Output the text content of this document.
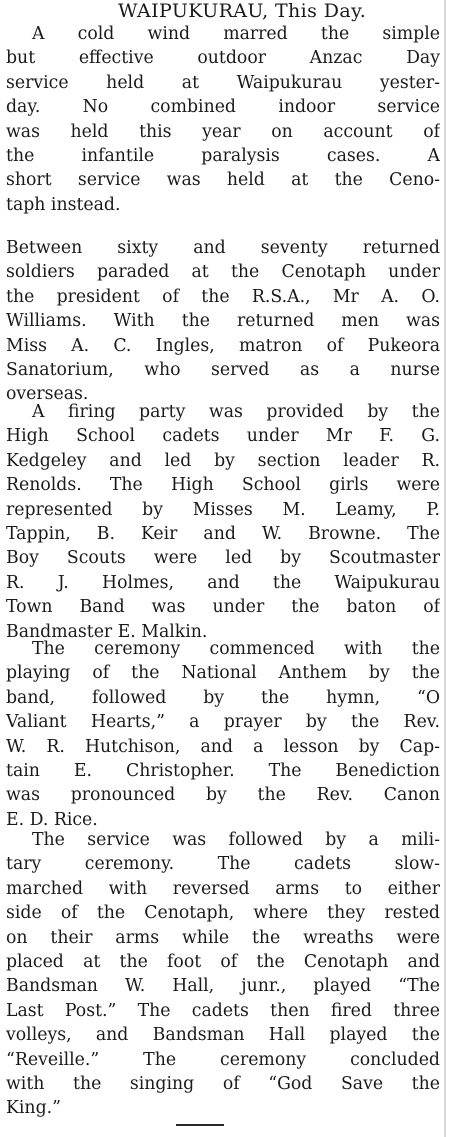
WAIPUKURAU, This Day.
A cold wind marred the simple
but effective outdoor Anzac Day
service held at Waipukurau yester-
day. No combined indoor service
was held this year on account of
the infantile paralysis cases. A
short service was held at the Ceno-
taph instead.
Between sixty and seventy returned
soldiers paraded at the Cenotaph under
the president of the R.S.A., Mr A. O.
Williams. With the returned men was
Miss A. C. Ingles, matron of Pukeora
Sanatorium, who served as a nurse
overseas.
A firing party was provided by the
High School cadets under Mr F. G.
Kedgeley and led by section leader R.
Renolds. The High School girls were
represented by Misses M. Leamy, P.
Tappin, B. Keir and W. Browne. The
Boy Scouts were led by Scoutmaster
R. J. Holmes, and the Waipukurau
Town Band was under the baton of
Bandmaster E. Malkin.
The ceremony commenced with the
playing of the National Anthem by the
band, followed by the hymn, “O
Valiant Hearts,” a prayer by the Rev.
W. R. Hutchison, and a lesson by Cap-
tain E. Christopher. The Benediction
was pronounced by the Rev. Canon
E. D. Rice.
The service was followed by a mili-
tary ceremony. The cadets slow-
marched with reversed arms to either
side of the Cenotaph, where they rested
on their arms while the wreaths were
placed at the foot of the Cenotaph and
Bandsman W. Hall, junr., played “The
Last Post.” The cadets then fired three
volleys, and Bandsman Hall played the
“Reveille.” The ceremony concluded
with the singing of “God Save the
King.”
